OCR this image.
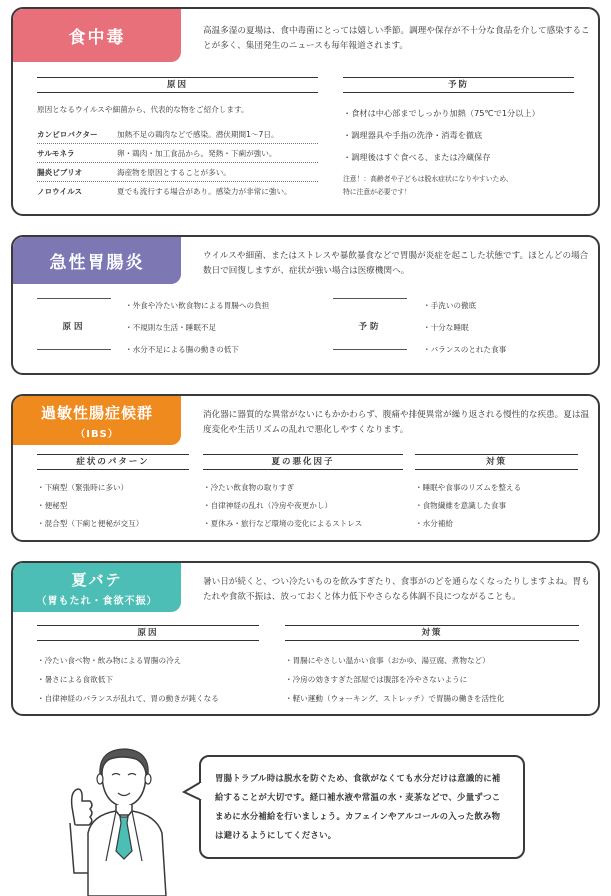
食中毒	高温多湿の夏場は、食中毒菌にとっては嬉しい季節。調理や保存が不十分な食品を介して感染することが多く、集団発生のニュースも毎年報道されます。

原因	予防
原因となるウイルスや細菌から、代表的な物をご紹介します。
カンピロバクター	加熱不足の鶏肉などで感染。潜伏期間1〜7日。
サルモネラ	卵・鶏肉・加工食品から。発熱・下痢が強い。
腸炎ビブリオ	海産物を原因とすることが多い。
ノロウイルス	夏でも流行する場合があり。感染力が非常に強い。
・ 食材は中心部までしっかり加熱（75℃で1分以上）
・ 調理器具や手指の洗浄・消毒を徹底
・ 調理後はすぐ食べる、または冷蔵保存
注意！：高齢者や子どもは脱水症状になりやすいため、
特に注意が必要です！
急性胃腸炎	ウイルスや細菌、またはストレスや暴飲暴食などで胃腸が炎症を起こした状態です。ほとんどの場合数日で回復しますが、症状が強い場合は医療機関へ。

原因
・ 外食や冷たい飲食物による胃腸への負担
・ 不規則な生活・睡眠不足
・ 水分不足による腸の動きの低下
予防
・ 手洗いの徹底
・ 十分な睡眠
・ バランスのとれた食事
過敏性腸症候群
（IBS）

消化器に器質的な異常がないにもかかわらず、腹痛や排便異常が繰り返される慢性的な疾患。夏は温度変化や生活リズムの乱れで悪化しやすくなります。

症状のパターン	夏の悪化因子	対策
・ 下痢型（緊張時に多い）
・ 便秘型
・ 混合型（下痢と便秘が交互）
・ 冷たい飲食物の取りすぎ
・ 自律神経の乱れ（冷房や夜更かし）
・ 夏休み・旅行など環境の変化によるストレス
・ 睡眠や食事のリズムを整える
・ 食物繊維を意識した食事
・ 水分補給
夏バテ
（胃もたれ・食欲不振）

暑い日が続くと、つい冷たいものを飲みすぎたり、食事がのどを通らなくなったりしますよね。胃もたれや食欲不振は、放っておくと体力低下やさらなる体調不良につながることも。

原因	対策
・ 冷たい食べ物・飲み物による胃腸の冷え
・ 暑さによる食欲低下
・ 自律神経のバランスが乱れて、胃の動きが鈍くなる
・ 胃腸にやさしい温かい食事（おかゆ、湯豆腐、煮物など）
・ 冷房の効きすぎた部屋では腹部を冷やさないように
・ 軽い運動（ウォーキング、ストレッチ）で胃腸の働きを活性化

胃腸トラブル時は脱水を防ぐため、食欲がなくても水分だけは意識的に補給することが大切です。経口補水液や常温の水・麦茶などで、少量ずつこまめに水分補給を行いましょう。カフェインやアルコールの入った飲み物は避けるようにしてください。
